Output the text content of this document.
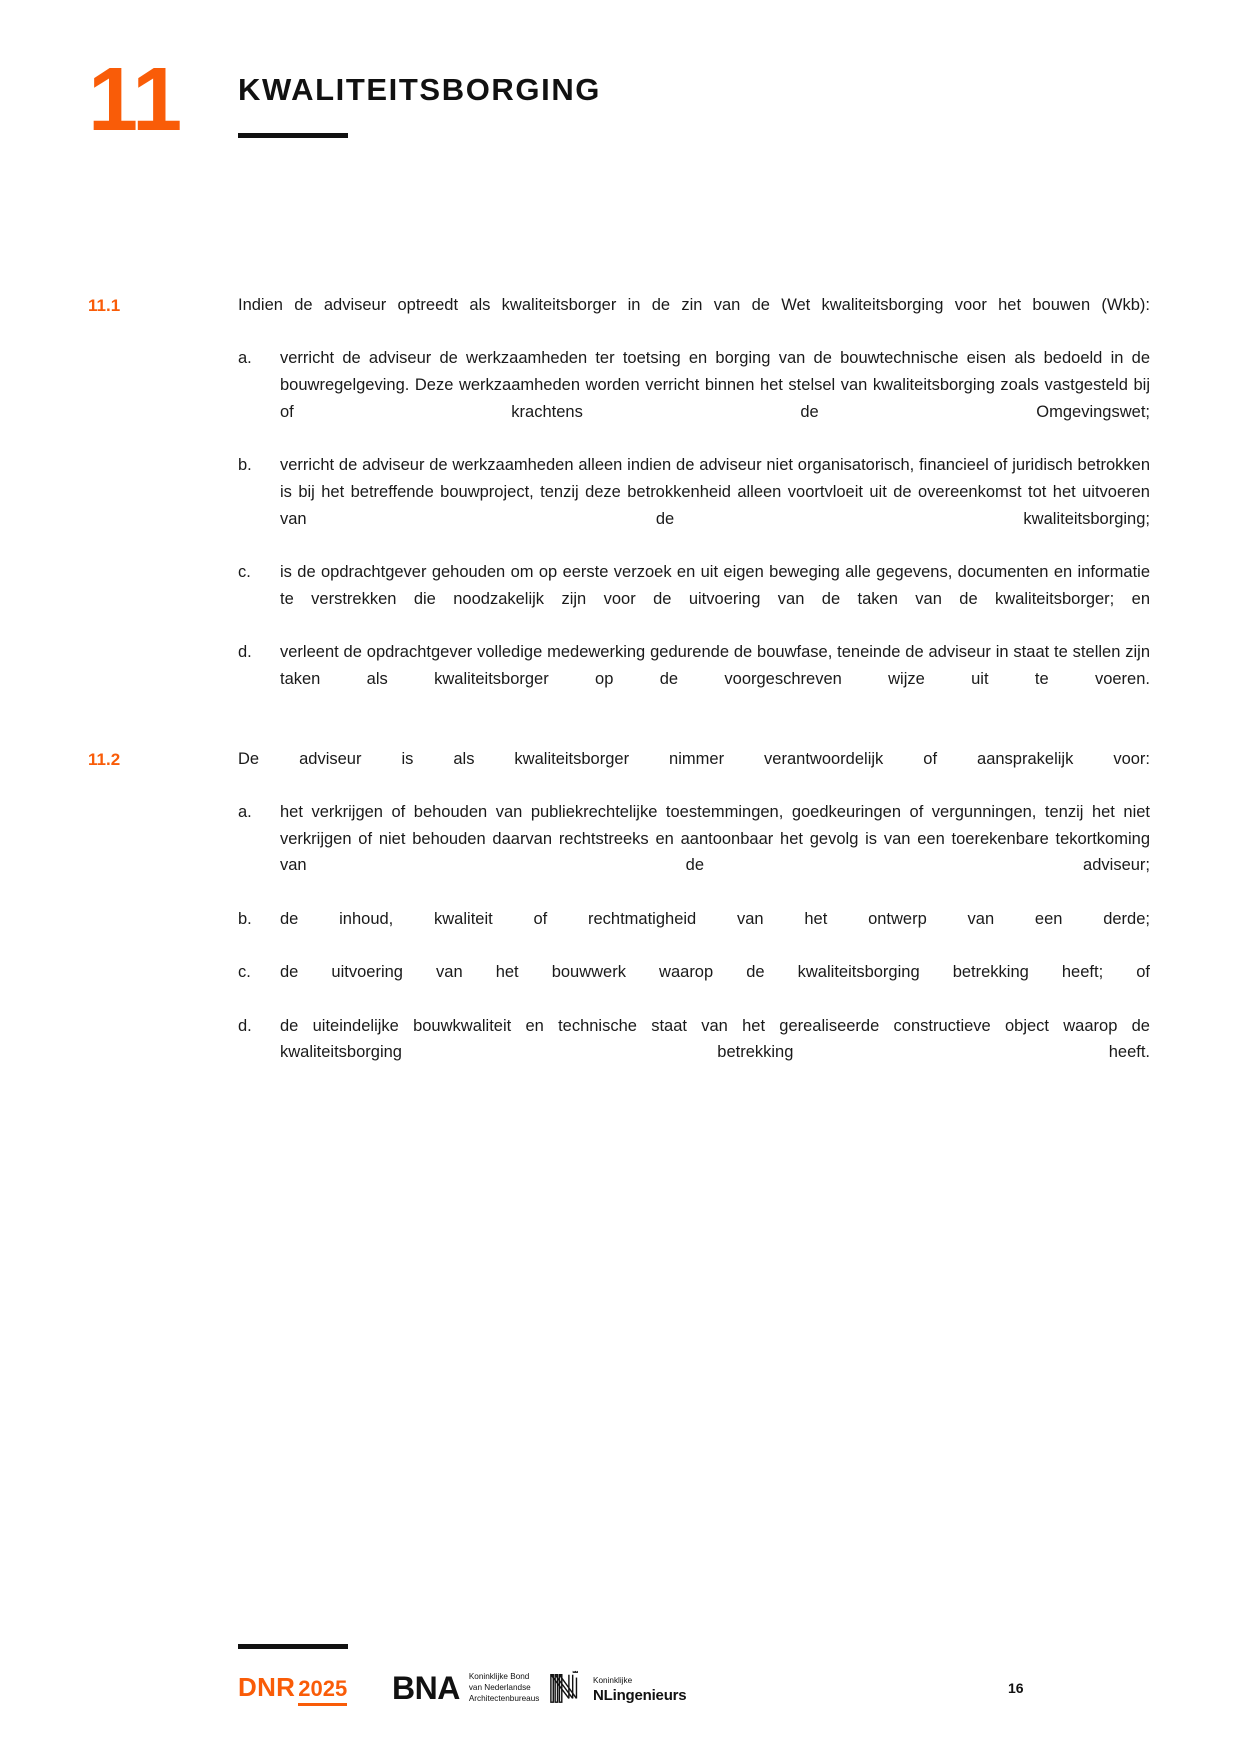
11 KWALITEITSBORGING
11.1	Indien de adviseur optreedt als kwaliteitsborger in de zin van de Wet kwaliteitsborging voor het bouwen (Wkb):

a.	verricht de adviseur de werkzaamheden ter toetsing en borging van de bouwtechnische eisen als bedoeld in de bouwregelgeving. Deze werkzaamheden worden verricht binnen het stelsel van kwaliteitsborging zoals vastgesteld bij of krachtens de Omgevingswet;
b.	verricht de adviseur de werkzaamheden alleen indien de adviseur niet organisatorisch, financieel of juridisch betrokken is bij het betreffende bouwproject, tenzij deze betrokkenheid alleen voortvloeit uit de overeenkomst tot het uitvoeren van de kwaliteitsborging;
c.	is de opdrachtgever gehouden om op eerste verzoek en uit eigen beweging alle gegevens, documenten en informatie te verstrekken die noodzakelijk zijn voor de uitvoering van de taken van de kwaliteitsborger; en
d.	verleent de opdrachtgever volledige medewerking gedurende de bouwfase, teneinde de adviseur in staat te stellen zijn taken als kwaliteitsborger op de voorgeschreven wijze uit te voeren.
11.2	De adviseur is als kwaliteitsborger nimmer verantwoordelijk of aansprakelijk voor:

a.	het verkrijgen of behouden van publiekrechtelijke toestemmingen, goedkeuringen of vergunningen, tenzij het niet verkrijgen of niet behouden daarvan rechtstreeks en aantoonbaar het gevolg is van een toerekenbare tekortkoming van de adviseur;
b.	de inhoud, kwaliteit of rechtmatigheid van het ontwerp van een derde;
c.	de uitvoering van het bouwwerk waarop de kwaliteitsborging betrekking heeft; of
d.	de uiteindelijke bouwkwaliteit en technische staat van het gerealiseerde constructieve object waarop de kwaliteitsborging betrekking heeft.
DNR 2025 BNA Koninklijke Bond
van Nederlandse
Architectenbureaus
Koninklijke
NLingenieurs	16
